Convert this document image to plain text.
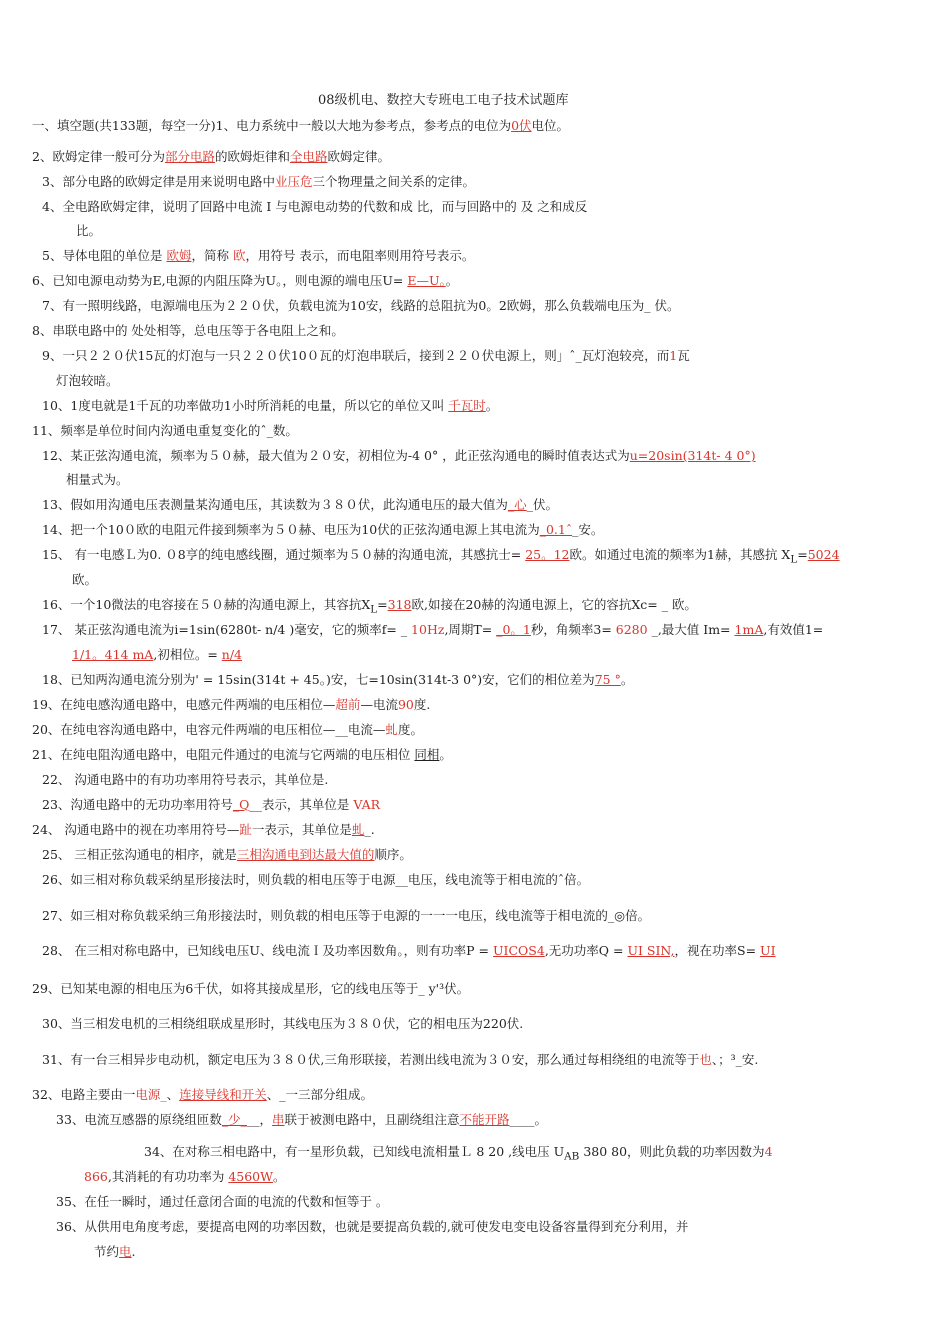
08级机电、数控大专班电工电子技术试题库
一、填空题(共133题，每空一分)1、电力系统中一般以大地为参考点，参考点的电位为0伏电位。
2、欧姆定律一般可分为部分电路的欧姆炬律和全电路欧姆定律。
3、部分电路的欧姆定律是用来说明电路中业压危三个物理量之间关系的定律。
4、全电路欧姆定律，说明了回路中电流 I 与电源电动势的代数和成 比，而与回路中的 及 之和成反
比。
5、导体电阻的单位是 欧姆，简称 欧，用符号 表示，而电阻率则用符号表示。
6、已知电源电动势为E,电源的内阻压降为U。，则电源的端电压U= E—U。。
7、有一照明线路，电源端电压为２２０伏，负载电流为10安，线路的总阻抗为0。2欧姆，那么负载端电压为_ 伏。
8、串联电路中的 处处相等，总电压等于各电阻上之和。
9、一只２２０伏15瓦的灯泡与一只２２０伏10０瓦的灯泡串联后，接到２２０伏电源上，则」ˆ_瓦灯泡较亮，而1瓦
灯泡较暗。
10、1度电就是1千瓦的功率做功1小时所消耗的电量，所以它的单位又叫 千瓦时。
11、频率是单位时间内沟通电重复变化的ˆ_数。
12、某正弦沟通电流，频率为５０赫，最大值为２０安，初相位为-4 0° ，此正弦沟通电的瞬时值表达式为u=20sin(314t- 4 0°)
相量式为。
13、假如用沟通电压表测量某沟通电压，其读数为３８０伏，此沟通电压的最大值为_心_伏。
14、把一个10０欧的电阻元件接到频率为５０赫、电压为10伏的正弦沟通电源上其电流为_0.1ˆ_安。
15、 有一电感Ｌ为0. ０8亨的纯电感线圈，通过频率为５０赫的沟通电流，其感抗士= 25。12欧。如通过电流的频率为1赫，其感抗 $X_L=5024$
欧。
16、一个10微法的电容接在５０赫的沟通电源上，其容抗$X_L=318$欧,如接在20赫的沟通电源上，它的容抗Xc= _ 欧。
17、 某正弦沟通电流为i=1sin(6280t- n/4 )毫安，它的频率f= _ 10Hz,周期T= _0。1秒，角频率3= 6280 _,最大值 Im= 1mA,有效值1=
1/1。414 mA,初相位。= n/4
18、已知两沟通电流分别为' = 15sin(314t + 45。)安，七=10sin(314t-3 0°)安，它们的相位差为75 °。
19、在纯电感沟通电路中，电感元件两端的电压相位—超前—电流90度.
20、在纯电容沟通电路中，电容元件两端的电压相位—__电流—虬度。
21、在纯电阻沟通电路中，电阻元件通过的电流与它两端的电压相位 同相。
22、 沟通电路中的有功功率用符号表示，其单位是.
23、沟通电路中的无功功率用符号_Q__表示，其单位是 VAR
24、 沟通电路中的视在功率用符号—趾一表示，其单位是虬_.
25、 三相正弦沟通电的相序，就是三相沟通电到达最大值的顺序。
26、如三相对称负载采纳星形接法时，则负载的相电压等于电源__电压，线电流等于相电流的ˆ倍。
27、如三相对称负载采纳三角形接法时，则负载的相电压等于电源的一一一电压，线电流等于相电流的_◎倍。
28、 在三相对称电路中，已知线电压U、线电流Ｉ及功率因数角。，则有功率P = UICOS4,无功功率Q = UI SIN,，视在功率S= UI
29、已知某电源的相电压为6千伏，如将其接成星形，它的线电压等于_ y'³伏。
30、当三相发电机的三相绕组联成星形时，其线电压为３８０伏，它的相电压为220伏.
31、有一台三相异步电动机，额定电压为３８０伏,三角形联接，若测出线电流为３０安，那么通过每相绕组的电流等于也、；³_安.
32、电路主要由一电源_、连接导线和开关、_一三部分组成。
33、电流互感器的原绕组匝数_少___，串联于被测电路中，且副绕组注意不能开路____。
34、在对称三相电路中，有一星形负载，已知线电流相量Ｌ 8 20 ,线电压 $U_{AB}$ 380 80，则此负载的功率因数为4
866,其消耗的有功功率为 4560W。
35、在任一瞬时，通过任意闭合面的电流的代数和恒等于 。
36、从供用电角度考虑，要提高电网的功率因数，也就是要提高负载的,就可使发电变电设备容量得到充分利用，并
节约电.
